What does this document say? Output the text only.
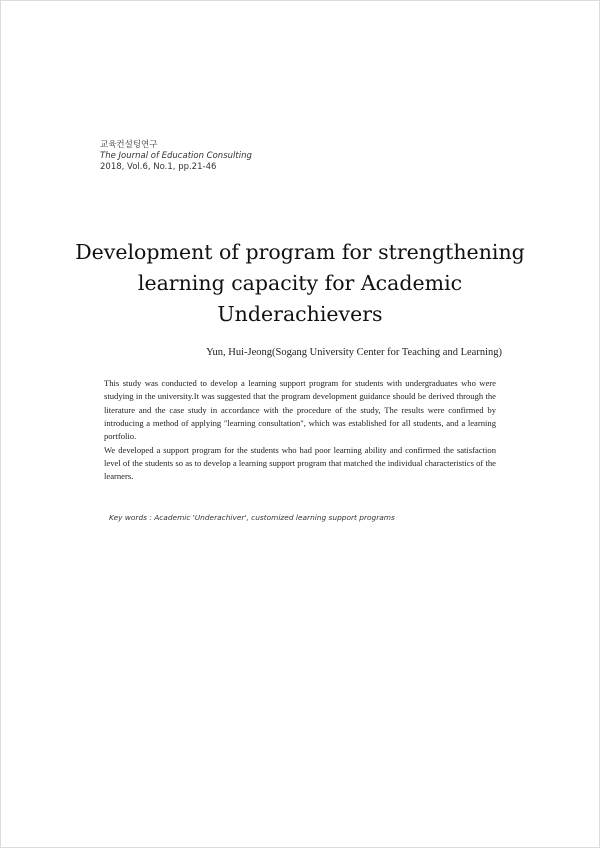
교육컨설팅연구
The Journal of Education Consulting
2018, Vol.6, No.1, pp.21-46
Development of program for strengthening
learning capacity for Academic
Underachievers
Yun, Hui-Jeong(Sogang University Center for Teaching and Learning)

This study was conducted to develop a learning support program for students with undergraduates who were studying in the university.It was suggested that the program development guidance should be derived through the literature and the case study in accordance with the procedure of the study, The results were confirmed by introducing a method of applying "learning consultation", which was established for all students, and a learning portfolio.

We developed a support program for the students who had poor learning ability and confirmed the satisfaction level of the students so as to develop a learning support program that matched the individual characteristics of the learners.

Key words : Academic 'Underachiver', customized learning support programs
